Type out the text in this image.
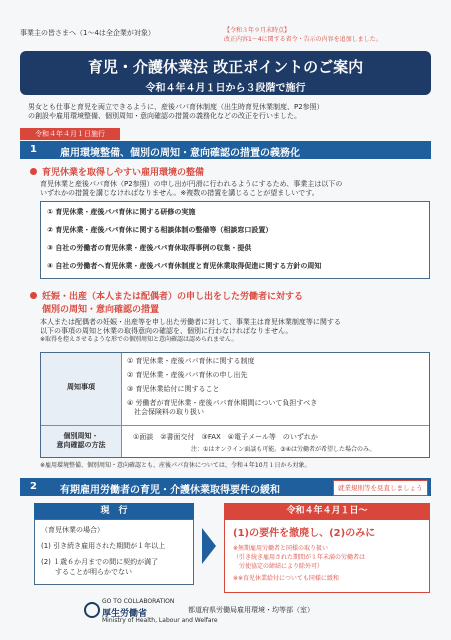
事業主の皆さまへ（1～4は全企業が対象）	【令和３年９月末時点】
改正内容1～4に関する省令・告示の内容を追加しました。
育児・介護休業法 改正ポイントのご案内
令和４年４月１日から３段階で施行
男女とも仕事と育児を両立できるように、産後パパ育休制度（出生時育児休業制度、P2参照）
の創設や雇用環境整備、個別周知・意向確認の措置の義務化などの改正を行いました。
令和４年４月１日施行
1 雇用環境整備、個別の周知・意向確認の措置の義務化
育児休業を取得しやすい雇用環境の整備
育児休業と産後パパ育休（P2参照）の申し出が円滑に行われるようにするため、事業主は以下の
いずれかの措置を講じなければなりません。※複数の措置を講じることが望ましいです。
① 育児休業・産後パパ育休に関する研修の実施
② 育児休業・産後パパ育休に関する相談体制の整備等（相談窓口設置）
③ 自社の労働者の育児休業・産後パパ育休取得事例の収集・提供
④ 自社の労働者へ育児休業・産後パパ育休制度と育児休業取得促進に関する方針の周知
妊娠・出産（本人または配偶者）の申し出をした労働者に対する
個別の周知・意向確認の措置
本人または配偶者の妊娠・出産等を申し出た労働者に対して、事業主は育児休業制度等に関する
以下の事項の周知と休業の取得意向の確認を、個別に行わなければなりません。
※取得を控えさせるような形での個別周知と意向確認は認められません。
周知事項
① 育児休業・産後パパ育休に関する制度
② 育児休業・産後パパ育休の申し出先
③ 育児休業給付に関すること
④ 労働者が育児休業・産後パパ育休期間について負担すべき
　社会保険料の取り扱い
個別周知・
意向確認の方法
①面談　②書面交付　③FAX　④電子メール等　のいずれか
注：①はオンライン面談も可能。③④は労働者が希望した場合のみ。
※雇用環境整備、個別周知・意向確認とも、産後パパ育休については、令和４年10月１日から対象。
2 有期雇用労働者の育児・介護休業取得要件の緩和	就業規則等を見直しましょう
現　行
（育児休業の場合）
(1) 引き続き雇用された期間が１年以上
(2) １歳６か月までの間に契約が満了
　　することが明らかでない
令和４年４月１日～
(1)の要件を撤廃し、(2)のみに
※無期雇用労働者と同様の取り扱い
（引き続き雇用された期間が１年未満の労働者は
　労使協定の締結により除外可）
※※育児休業給付についても同様に緩和
GO TO COLLABORATION
厚生労働省
Ministry of Health, Labour and Welfare
都道府県労働局雇用環境・均等部（室）
